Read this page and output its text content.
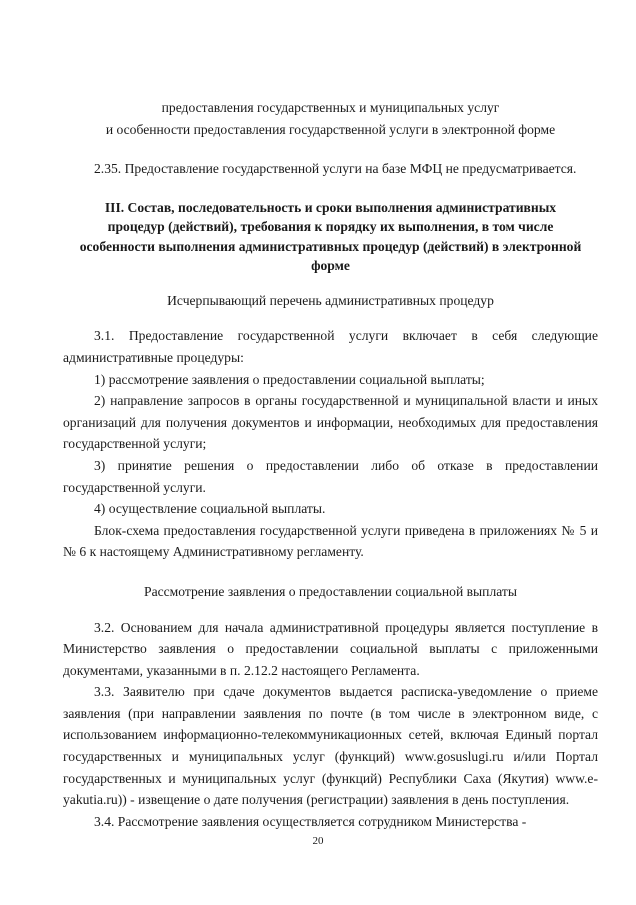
предоставления государственных и муниципальных услуг

и особенности предоставления государственной услуги в электронной форме

2.35. Предоставление государственной услуги на базе МФЦ не предусматривается.

III. Состав, последовательность и сроки выполнения административных процедур (действий), требования к порядку их выполнения, в том числе особенности выполнения административных процедур (действий) в электронной форме

Исчерпывающий перечень административных процедур

3.1. Предоставление государственной услуги включает в себя следующие административные процедуры:

1) рассмотрение заявления о предоставлении социальной выплаты;

2) направление запросов в органы государственной и муниципальной власти и иных организаций для получения документов и информации, необходимых для предоставления государственной услуги;

3) принятие решения о предоставлении либо об отказе в предоставлении государственной услуги.

4) осуществление социальной выплаты.

Блок-схема предоставления государственной услуги приведена в приложениях № 5 и № 6 к настоящему Административному регламенту.

Рассмотрение заявления о предоставлении социальной выплаты

3.2. Основанием для начала административной процедуры является поступление в Министерство заявления о предоставлении социальной выплаты с приложенными документами, указанными в п. 2.12.2 настоящего Регламента.

3.3. Заявителю при сдаче документов выдается расписка-уведомление о приеме заявления (при направлении заявления по почте (в том числе в электронном виде, с использованием информационно-телекоммуникационных сетей, включая Единый портал государственных и муниципальных услуг (функций) www.gosuslugi.ru и/или Портал государственных и муниципальных услуг (функций) Республики Саха (Якутия) www.e-yakutia.ru)) - извещение о дате получения (регистрации) заявления в день поступления.

3.4. Рассмотрение заявления осуществляется сотрудником Министерства -

20
